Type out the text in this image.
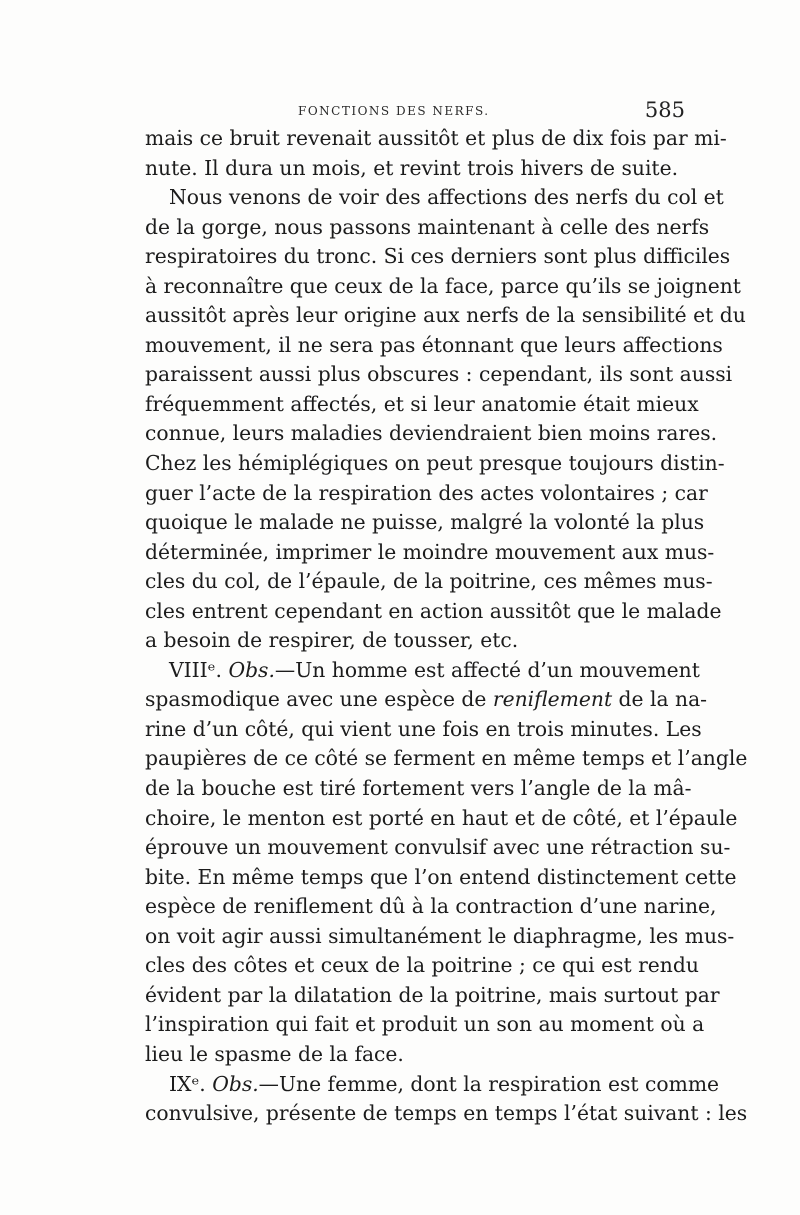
FONCTIONS DES NERFS.	585
mais ce bruit revenait aussitôt et plus de dix fois par mi-
nute. Il dura un mois, et revint trois hivers de suite.
Nous venons de voir des affections des nerfs du col et
de la gorge, nous passons maintenant à celle des nerfs
respiratoires du tronc. Si ces derniers sont plus difficiles
à reconnaître que ceux de la face, parce qu’ils se joignent
aussitôt après leur origine aux nerfs de la sensibilité et du
mouvement, il ne sera pas étonnant que leurs affections
paraissent aussi plus obscures : cependant, ils sont aussi
fréquemment affectés, et si leur anatomie était mieux
connue, leurs maladies deviendraient bien moins rares.
Chez les hémiplégiques on peut presque toujours distin-
guer l’acte de la respiration des actes volontaires ; car
quoique le malade ne puisse, malgré la volonté la plus
déterminée, imprimer le moindre mouvement aux mus-
cles du col, de l’épaule, de la poitrine, ces mêmes mus-
cles entrent cependant en action aussitôt que le malade
a besoin de respirer, de tousser, etc.
VIIIᵉ. Obs.—Un homme est affecté d’un mouvement
spasmodique avec une espèce de reniflement de la na-
rine d’un côté, qui vient une fois en trois minutes. Les
paupières de ce côté se ferment en même temps et l’angle
de la bouche est tiré fortement vers l’angle de la mâ-
choire, le menton est porté en haut et de côté, et l’épaule
éprouve un mouvement convulsif avec une rétraction su-
bite. En même temps que l’on entend distinctement cette
espèce de reniflement dû à la contraction d’une narine,
on voit agir aussi simultanément le diaphragme, les mus-
cles des côtes et ceux de la poitrine ; ce qui est rendu
évident par la dilatation de la poitrine, mais surtout par
l’inspiration qui fait et produit un son au moment où a
lieu le spasme de la face.
IXᵉ. Obs.—Une femme, dont la respiration est comme
convulsive, présente de temps en temps l’état suivant : les
